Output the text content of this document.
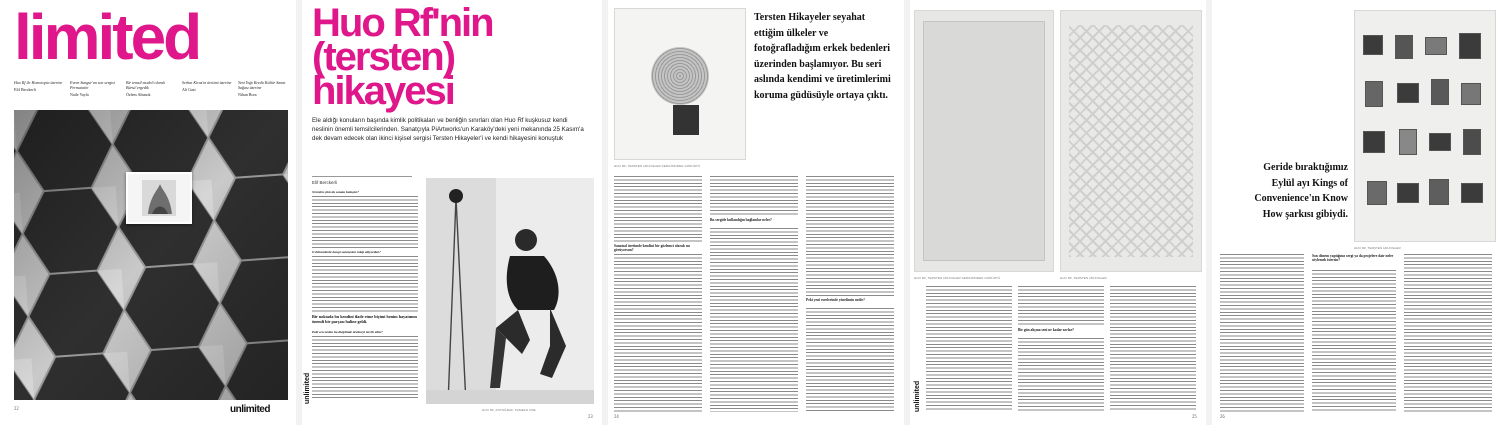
limited
Huo Rf ile Homotopia üzerine
Elif Berckerli
Evren Sungur'un son sergisi Permutatör
Naile Vayla
Bir temsil modeli olarak Bürsü¨ergedik
Özlem Altunok
Serhat Kiraz'ın üretimi üzerine
Ali Gazi
Yeni Yağı Krediı Kültür Sanat Sağası üzerine
Nihan Bora
unlimited
22
Huo Rf'nin
(tersten)
hikayesi
Ele aldığı konuların başında kimlik politikaları ve benliğin sınırları olan Huo Rf kuşkusuz kendi neslinin önemli temsilcilerinden. Sanatçıyla PiArtworks'un Karaköy'deki yeni mekanında 25 Kasım'a dek devam edecek olan ikinci kişisel sergisi Tersten Hikayeler'i ve kendi hikayesini konuştuk
Elif Berckerli
Nereden çıktı da sanata bulaştın?
O dönemlerde hangi sanatçıları takip ediyordun?
Bir noktada bu kendini ifade etme biçimi benim hayatımın önemli bir parçası haline geldi.
Peki sen neden bu disiplinde üretmeyi tercih ettin?
HUO RF, FOTOĞRAF: KAMEFO OSE
unlimited
23
HUO RF, TERSTEN HİKAYELER SERGİSİNDEN GÖRÜNTÜ
Tersten Hikayeler seyahat ettiğim ülkeler ve fotoğrafladığım erkek bedenleri üzerinden başlamıyor. Bu seri aslında kendimi ve üretimlerimi koruma güdüsüyle ortaya çıktı.
Sanatsal üretimde kendini bir gözlemci olarak mı görüyorsun?
Bu sergide kullandığın bağlamlar neler?
Peki yeni eserlerinde yönelimin nedir?
24
HUO RF, TERSTEN HİKAYELER SERGİSİNDEN GÖRÜNTÜ	HUO RF, TERSTEN HİKAYELER
Bir gün alışma seni ne kadar zorlar?
unlimited
25
Geride bıraktığımız Eylül ayı Kings of Convenience'ın Know How şarkısı gibiydi.
HUO RF, TERSTEN HİKAYELER
Son dönem yaptığınız sergi ya da projelere dair neler söylemek istersin?
26
